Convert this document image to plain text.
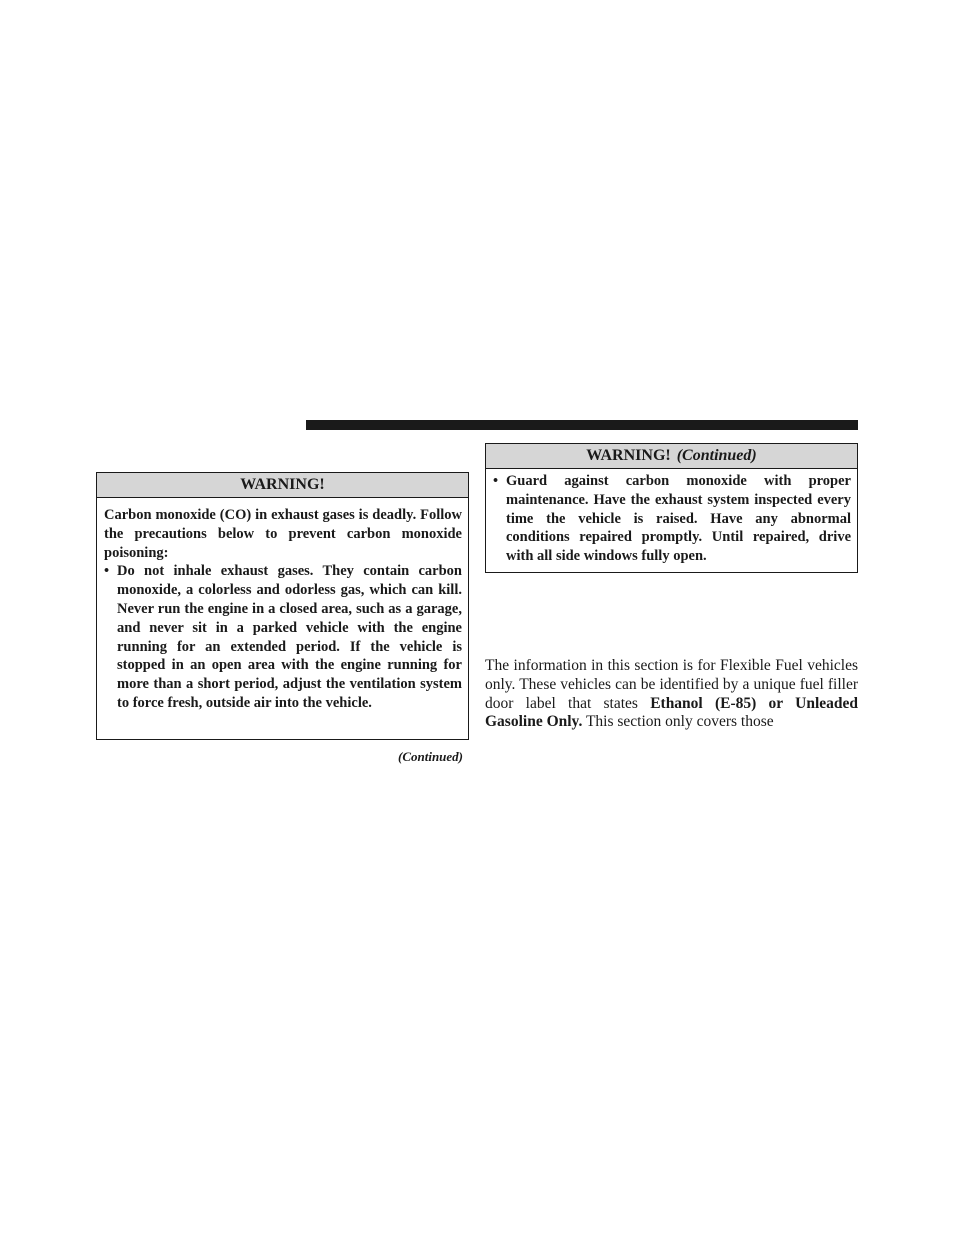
WARNING!

Carbon monoxide (CO) in exhaust gases is deadly. Follow the precautions below to prevent carbon monoxide poisoning:

• Do not inhale exhaust gases. They contain carbon monoxide, a colorless and odorless gas, which can kill. Never run the engine in a closed area, such as a garage, and never sit in a parked vehicle with the engine running for an extended period. If the vehicle is stopped in an open area with the engine running for more than a short period, adjust the ventilation system to force fresh, outside air into the vehicle.

(Continued)
WARNING! (Continued)

• Guard against carbon monoxide with proper maintenance. Have the exhaust system inspected every time the vehicle is raised. Have any abnormal conditions repaired promptly. Until repaired, drive with all side windows fully open.

The information in this section is for Flexible Fuel vehicles only. These vehicles can be identified by a unique fuel filler door label that states Ethanol (E-85) or Unleaded Gasoline Only. This section only covers those
